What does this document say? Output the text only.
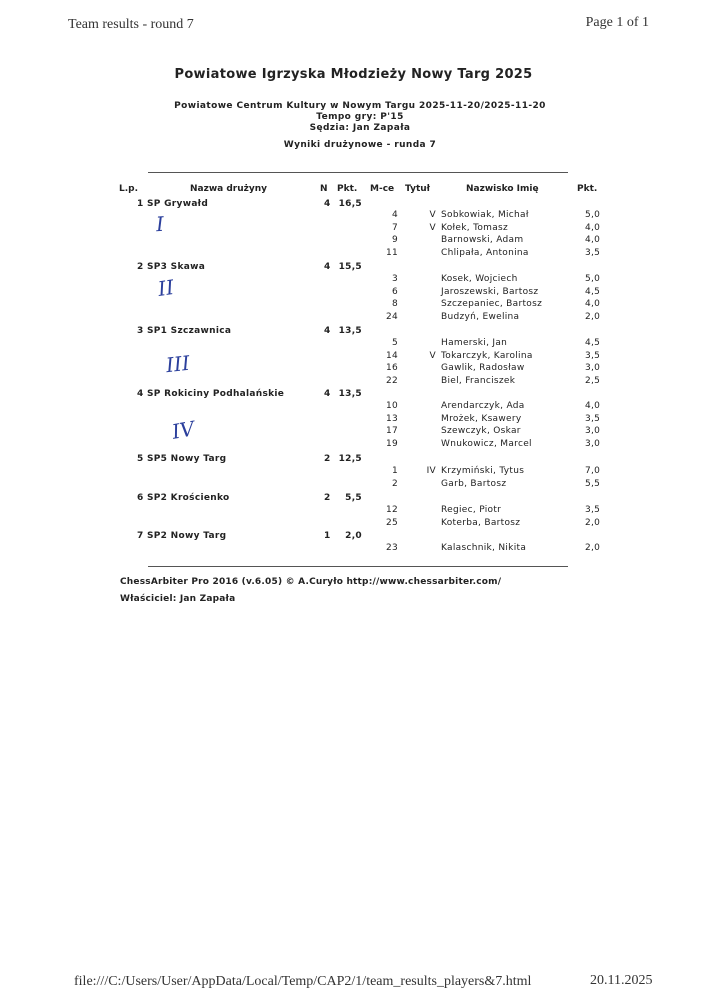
Team results - round 7	Page 1 of 1
Powiatowe Igrzyska Młodzieży Nowy Targ 2025
Powiatowe Centrum Kultury w Nowym Targu 2025-11-20/2025-11-20
Tempo gry: P'15
Sędzia: Jan Zapała
Wyniki drużynowe - runda 7
L.p.	Nazwa drużyny	N Pkt. M-ce Tytuł	Nazwisko Imię	Pkt.
1 SP Grywałd	4 16,5
I	4	V Sobkowiak, Michał	5,0
7	V Kołek, Tomasz	4,0
9	Barnowski, Adam	4,0
11	Chlipała, Antonina	3,5
2 SP3 Skawa	4 15,5
II	3	Kosek, Wojciech	5,0
6	Jaroszewski, Bartosz	4,5
8	Szczepaniec, Bartosz	4,0
24	Budzyń, Ewelina	2,0
3 SP1 Szczawnica	4 13,5
III
5	Hamerski, Jan	4,5
14	V Tokarczyk, Karolina	3,5
16	Gawlik, Radosław	3,0
22	Biel, Franciszek	2,5
4 SP Rokiciny Podhalańskie	4 13,5
IV
10	Arendarczyk, Ada	4,0
13	Mrożek, Ksawery	3,5
17	Szewczyk, Oskar	3,0
19	Wnukowicz, Marcel	3,0
5 SP5 Nowy Targ	2 12,5
1	IV Krzymiński, Tytus	7,0
2	Garb, Bartosz	5,5
6 SP2 Krościenko	2	5,5
12	Regiec, Piotr	3,5
25	Koterba, Bartosz	2,0
7 SP2 Nowy Targ	1	2,0
23	Kalaschnik, Nikita	2,0
ChessArbiter Pro 2016 (v.6.05) © A.Curyło http://www.chessarbiter.com/
Właściciel: Jan Zapała
file:///C:/Users/User/AppData/Local/Temp/CAP2/1/team_results_players&7.html	20.11.2025
